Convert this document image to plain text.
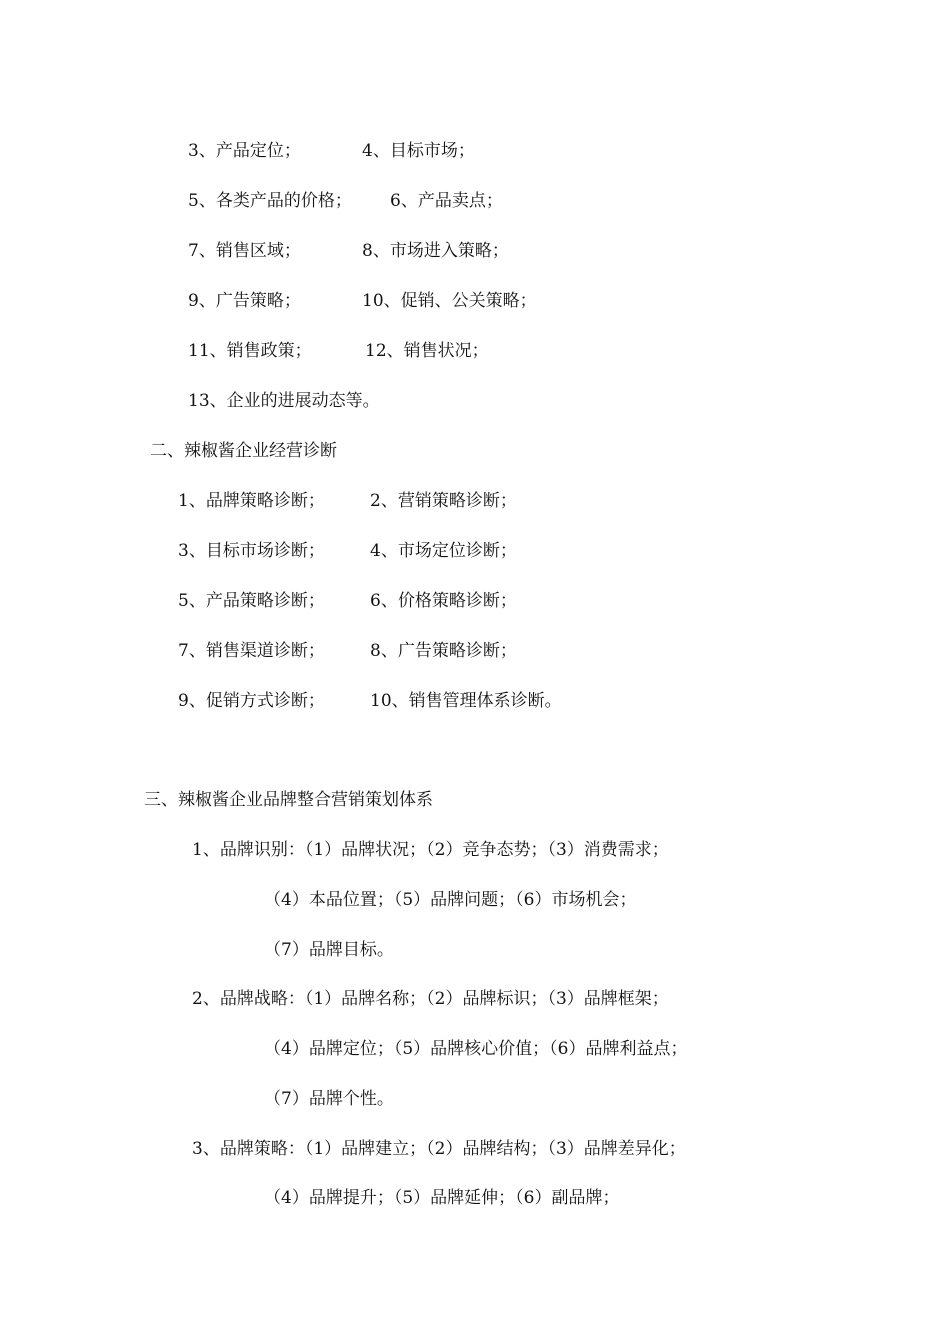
3、产品定位；	4、目标市场；
5、各类产品的价格； 6、产品卖点；
7、销售区域；	8、市场进入策略；
9、广告策略；	10、促销、公关策略；
11、销售政策；	12、销售状况；
13、企业的进展动态等。
二、辣椒酱企业经营诊断
1、品牌策略诊断；	2、营销策略诊断；
3、目标市场诊断；	4、市场定位诊断；
5、产品策略诊断；	6、价格策略诊断；
7、销售渠道诊断；	8、广告策略诊断；
9、促销方式诊断；	10、销售管理体系诊断。
三、辣椒酱企业品牌整合营销策划体系
1、品牌识别：（1）品牌状况；（2）竞争态势；（3）消费需求；
（4）本品位置；（5）品牌问题；（6）市场机会；
（7）品牌目标。
2、品牌战略：（1）品牌名称；（2）品牌标识；（3）品牌框架；
（4）品牌定位；（5）品牌核心价值；（6）品牌利益点；
（7）品牌个性。
3、品牌策略：（1）品牌建立；（2）品牌结构；（3）品牌差异化；
（4）品牌提升；（5）品牌延伸；（6）副品牌；
